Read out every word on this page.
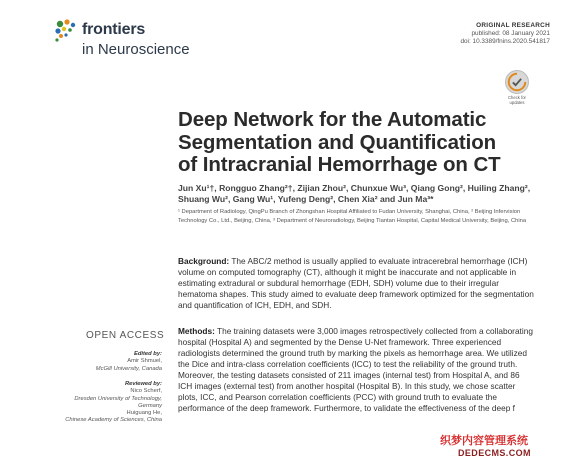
frontiers
in Neuroscience
ORIGINAL RESEARCH
published: 08 January 2021
doi: 10.3389/fnins.2020.541817
Check for
updates
Deep Network for the Automatic Segmentation and Quantification of Intracranial Hemorrhage on CT
Jun Xu¹†, Rongguo Zhang²†, Zijian Zhou², Chunxue Wu³, Qiang Gong², Huiling Zhang², Shuang Wu², Gang Wu¹, Yufeng Deng², Chen Xia² and Jun Ma³*
¹ Department of Radiology, QingPu Branch of Zhongshan Hospital Affiliated to Fudan University, Shanghai, China, ² Beijing Infervision Technology Co., Ltd., Beijing, China, ³ Department of Neuroradiology, Beijing Tiantan Hospital, Capital Medical University, Beijing, China
Background: The ABC/2 method is usually applied to evaluate intracerebral hemorrhage (ICH) volume on computed tomography (CT), although it might be inaccurate and not applicable in estimating extradural or subdural hemorrhage (EDH, SDH) volume due to their irregular hematoma shapes. This study aimed to evaluate deep framework optimized for the segmentation and quantification of ICH, EDH, and SDH.
Methods: The training datasets were 3,000 images retrospectively collected from a collaborating hospital (Hospital A) and segmented by the Dense U-Net framework. Three experienced radiologists determined the ground truth by marking the pixels as hemorrhage area. We utilized the Dice and intra-class correlation coefficients (ICC) to test the reliability of the ground truth. Moreover, the testing datasets consisted of 211 images (internal test) from Hospital A, and 86 ICH images (external test) from another hospital (Hospital B). In this study, we chose scatter plots, ICC, and Pearson correlation coefficients (PCC) with ground truth to evaluate the performance of the deep framework. Furthermore, to validate the effectiveness of the deep f
OPEN ACCESS
Edited by:
Amir Shmuel,
McGill University, Canada
Reviewed by:
Nico Scherf,
Dresden University of Technology,
Germany
Huiguang He,
Chinese Academy of Sciences, China
织梦内容管理系统
DEDECMS.COM
